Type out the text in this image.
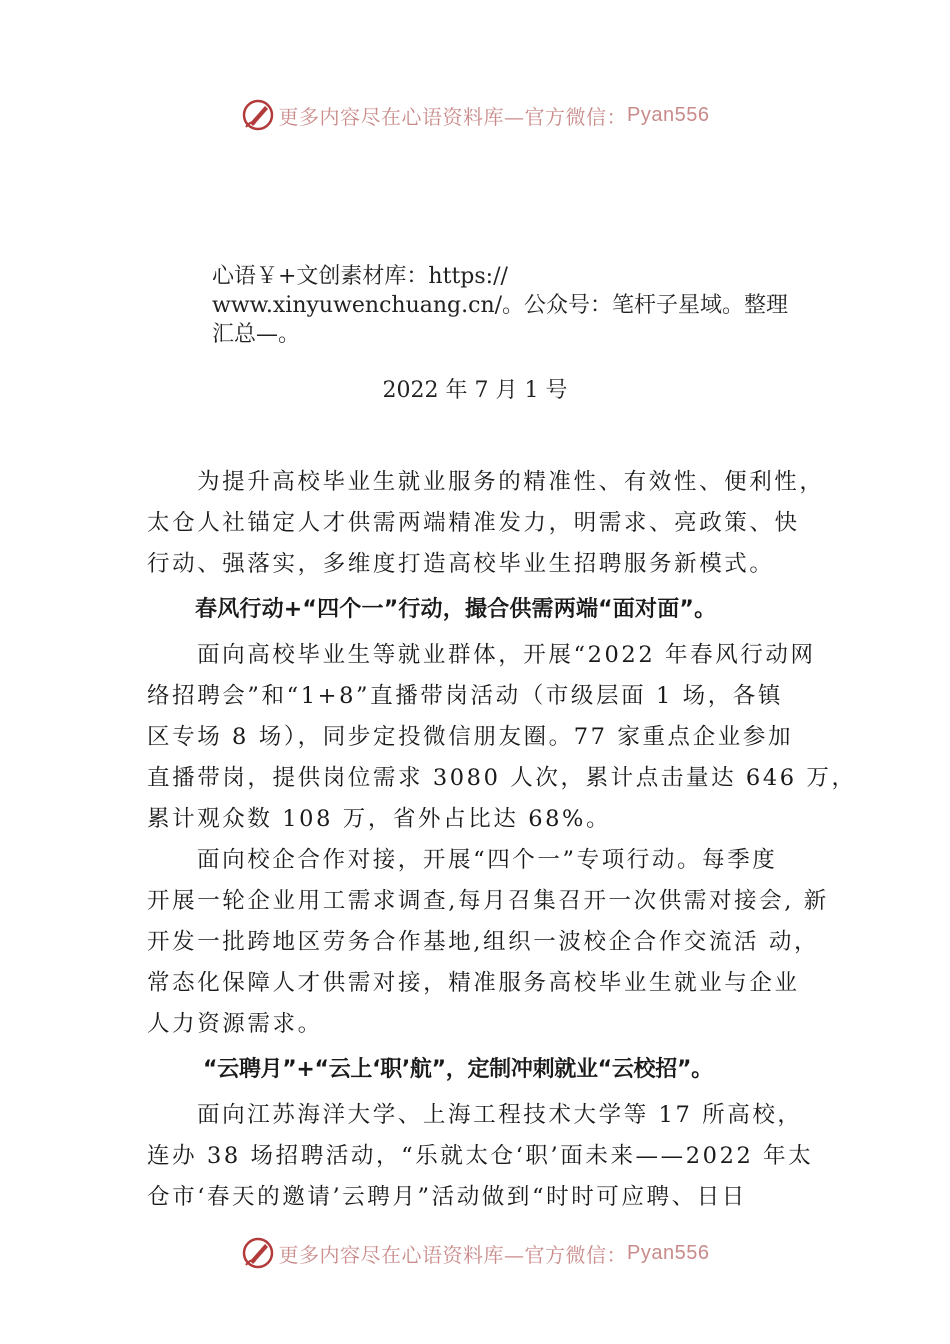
更多内容尽在心语资料库—官方微信： Pyan556
心语￥+文创素材库：https://
www.xinyuwenchuang.cn/。公众号：笔杆子星域。整理
汇总—。
2022 年 7 月 1 号

为提升高校毕业生就业服务的精准性、有效性、便利性，
太仓人社锚定人才供需两端精准发力，明需求、亮政策、快
行动、强落实，多维度打造高校毕业生招聘服务新模式。

春风行动+“四个一”行动，撮合供需两端“面对面”。

面向高校毕业生等就业群体，开展“2022 年春风行动网
络招聘会”和“1+8”直播带岗活动（市级层面 1 场，各镇
区专场 8 场），同步定投微信朋友圈。77 家重点企业参加
直播带岗，提供岗位需求 3080 人次，累计点击量达 646 万，
累计观众数 108 万，省外占比达 68%。

面向校企合作对接，开展“四个一”专项行动。每季度
开展一轮企业用工需求调查,每月召集召开一次供需对接会, 新
开发一批跨地区劳务合作基地,组织一波校企合作交流活 动，
常态化保障人才供需对接，精准服务高校毕业生就业与企业
人力资源需求。

“云聘月”+“云上‘职’航”，定制冲刺就业“云校招”。

面向江苏海洋大学、上海工程技术大学等 17 所高校，
连办 38 场招聘活动，“乐就太仓‘职’面未来——2022 年太
仓市‘春天的邀请’云聘月”活动做到“时时可应聘、日日

更多内容尽在心语资料库—官方微信： Pyan556
